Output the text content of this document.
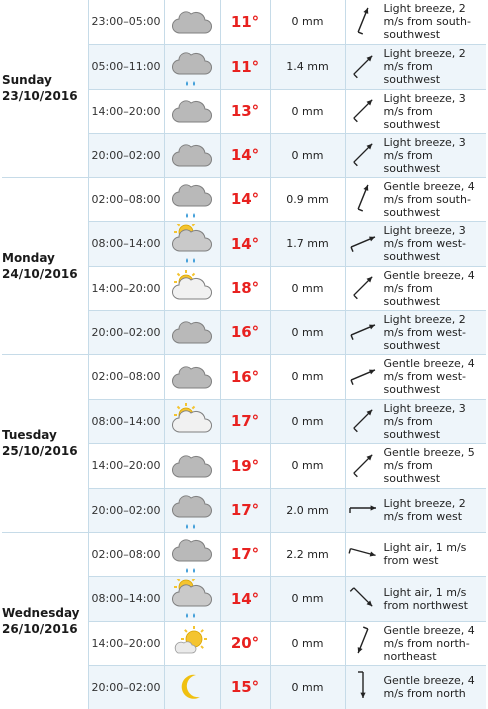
Sunday
23/10/2016	23:00–05:00		11°	0 mm	Light breeze, 2 m/s from south-southwest

	05:00–11:00		11°	1.4 mm	Light breeze, 2 m/s from southwest

	14:00–20:00		13°	0 mm	Light breeze, 3 m/s from southwest

	20:00–02:00		14°	0 mm	Light breeze, 3 m/s from southwest

Monday
24/10/2016	02:00–08:00		14°	0.9 mm	Gentle breeze, 4 m/s from south-southwest

	08:00–14:00		14°	1.7 mm	Light breeze, 3 m/s from west-southwest

	14:00–20:00		18°	0 mm	Gentle breeze, 4 m/s from southwest

	20:00–02:00		16°	0 mm	Light breeze, 2 m/s from west-southwest

Tuesday
25/10/2016	02:00–08:00		16°	0 mm	Gentle breeze, 4 m/s from west-southwest

	08:00–14:00		17°	0 mm	Light breeze, 3 m/s from southwest

	14:00–20:00		19°	0 mm	Gentle breeze, 5 m/s from southwest

	20:00–02:00		17°	2.0 mm	Light breeze, 2 m/s from west

Wednesday
26/10/2016	02:00–08:00		17°	2.2 mm	Light air, 1 m/s from west

	08:00–14:00		14°	0 mm	Light air, 1 m/s from northwest

	14:00–20:00		20°	0 mm	Gentle breeze, 4 m/s from north-northeast

	20:00–02:00		15°	0 mm	Gentle breeze, 4 m/s from north
